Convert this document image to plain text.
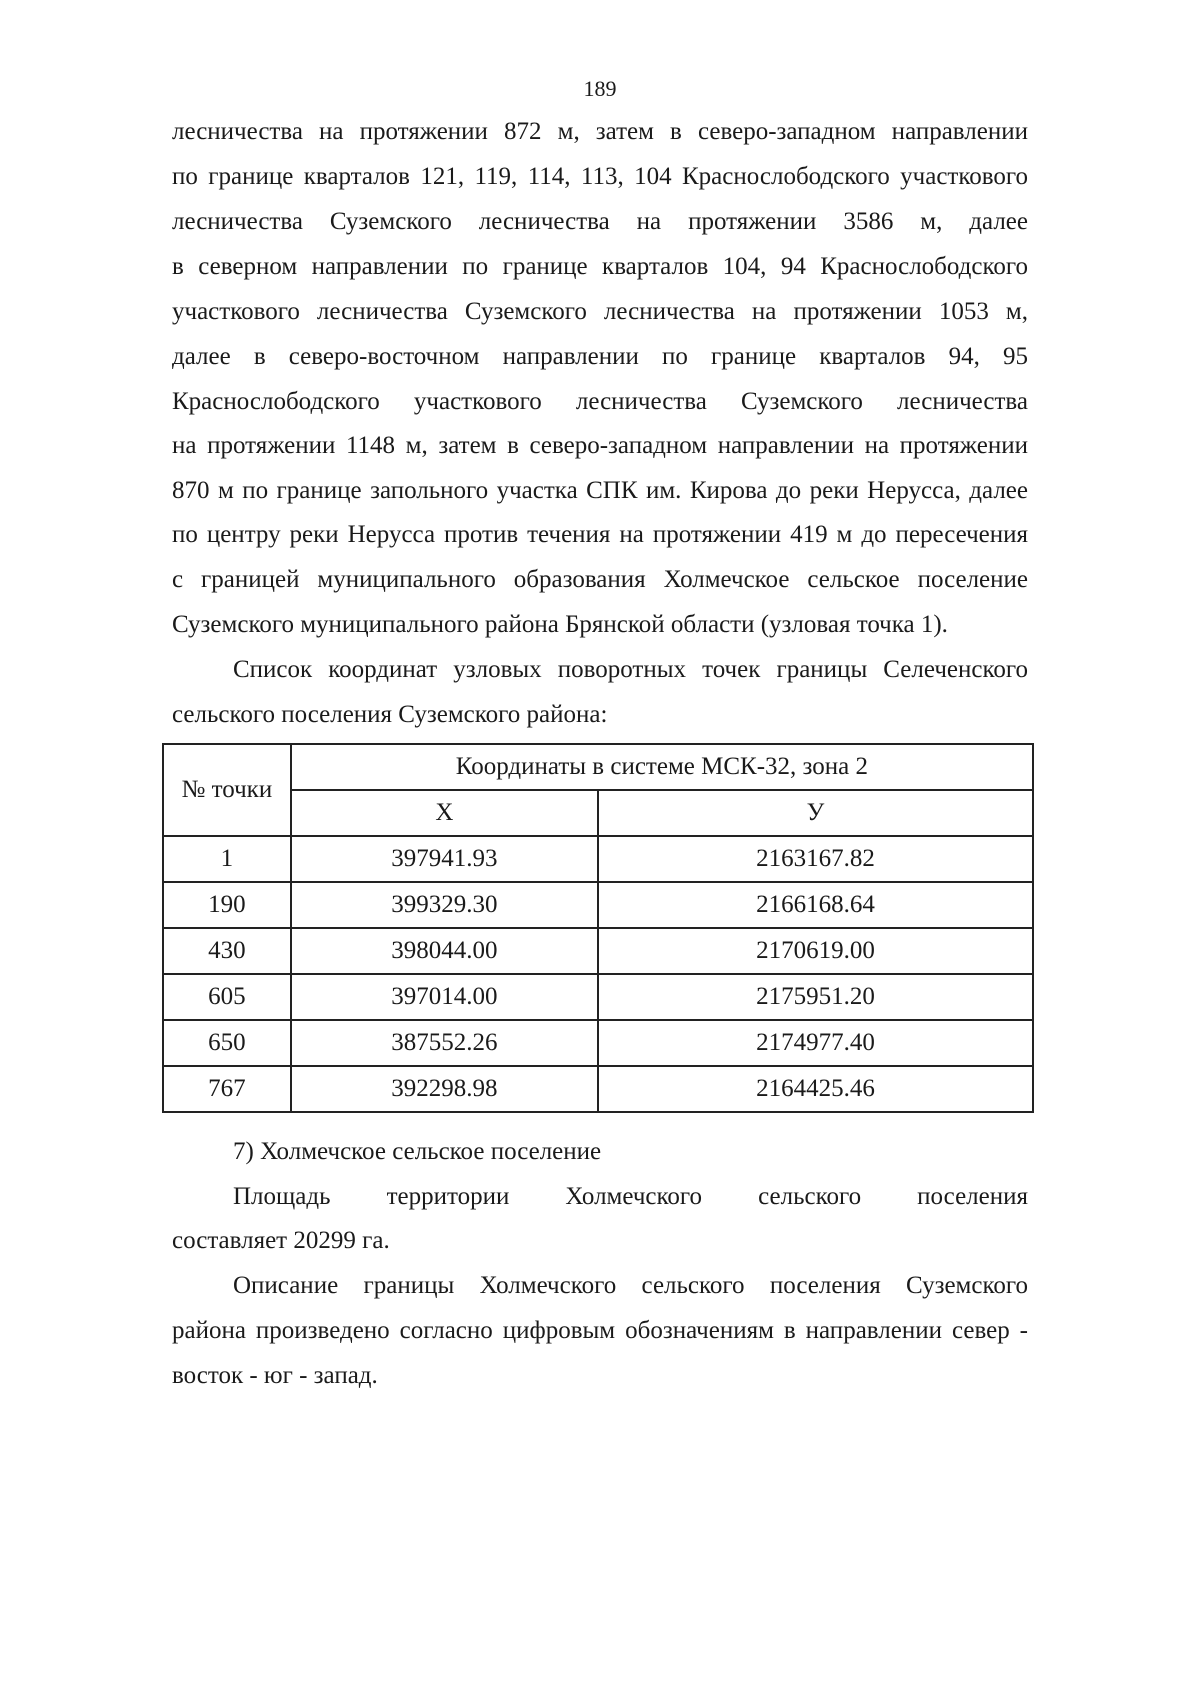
189
лесничества на протяжении 872 м, затем в северо-западном направлении
по границе кварталов 121, 119, 114, 113, 104 Краснослободского участкового
лесничества Суземского лесничества на протяжении 3586 м, далее
в северном направлении по границе кварталов 104, 94 Краснослободского
участкового лесничества Суземского лесничества на протяжении 1053 м,
далее в северо-восточном направлении по границе кварталов 94, 95
Краснослободского участкового лесничества Суземского лесничества
на протяжении 1148 м, затем в северо-западном направлении на протяжении
870 м по границе запольного участка СПК им. Кирова до реки Нерусса, далее
по центру реки Нерусса против течения на протяжении 419 м до пересечения
с границей муниципального образования Холмечское сельское поселение
Суземского муниципального района Брянской области (узловая точка 1).
Список координат узловых поворотных точек границы Селеченского
сельского поселения Суземского района:
№ точки	Координаты в системе МСК-32, зона 2	
	X	У
1	397941.93	2163167.82
190	399329.30	2166168.64
430	398044.00	2170619.00
605	397014.00	2175951.20
650	387552.26	2174977.40
767	392298.98	2164425.46
7) Холмечское сельское поселение
Площадь территории Холмечского сельского поселения
составляет 20299 га.
Описание границы Холмечского сельского поселения Суземского
района произведено согласно цифровым обозначениям в направлении север -
восток - юг - запад.
